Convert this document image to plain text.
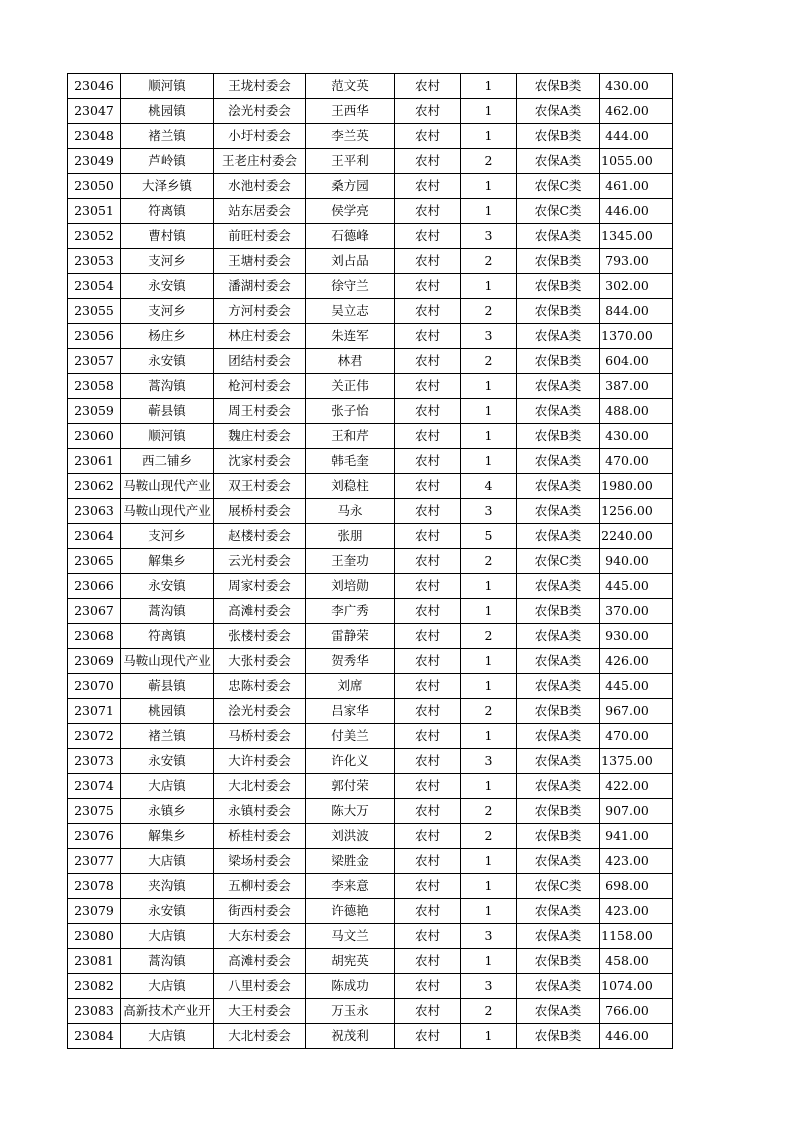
23046	顺河镇	王垅村委会	范文英	农村	1	农保B类	430.00
23047	桃园镇	浍光村委会	王西华	农村	1	农保A类	462.00
23048	褚兰镇	小圩村委会	李兰英	农村	1	农保B类	444.00
23049	芦岭镇	王老庄村委会	王平利	农村	2	农保A类	1055.00
23050	大泽乡镇	水池村委会	桑方园	农村	1	农保C类	461.00
23051	符离镇	站东居委会	侯学亮	农村	1	农保C类	446.00
23052	曹村镇	前旺村委会	石德峰	农村	3	农保A类	1345.00
23053	支河乡	王塘村委会	刘占品	农村	2	农保B类	793.00
23054	永安镇	潘湖村委会	徐守兰	农村	1	农保B类	302.00
23055	支河乡	方河村委会	吴立志	农村	2	农保B类	844.00
23056	杨庄乡	林庄村委会	朱连军	农村	3	农保A类	1370.00
23057	永安镇	团结村委会	林君	农村	2	农保B类	604.00
23058	蒿沟镇	枪河村委会	关正伟	农村	1	农保A类	387.00
23059	蕲县镇	周王村委会	张子怡	农村	1	农保A类	488.00
23060	顺河镇	魏庄村委会	王和芹	农村	1	农保B类	430.00
23061	西二铺乡	沈家村委会	韩毛奎	农村	1	农保A类	470.00
23062	马鞍山现代产业	双王村委会	刘稳柱	农村	4	农保A类	1980.00
23063	马鞍山现代产业	展桥村委会	马永	农村	3	农保A类	1256.00
23064	支河乡	赵楼村委会	张朋	农村	5	农保A类	2240.00
23065	解集乡	云光村委会	王奎功	农村	2	农保C类	940.00
23066	永安镇	周家村委会	刘培勋	农村	1	农保A类	445.00
23067	蒿沟镇	高滩村委会	李广秀	农村	1	农保B类	370.00
23068	符离镇	张楼村委会	雷静荣	农村	2	农保A类	930.00
23069	马鞍山现代产业	大张村委会	贺秀华	农村	1	农保A类	426.00
23070	蕲县镇	忠陈村委会	刘席	农村	1	农保A类	445.00
23071	桃园镇	浍光村委会	吕家华	农村	2	农保B类	967.00
23072	褚兰镇	马桥村委会	付美兰	农村	1	农保A类	470.00
23073	永安镇	大许村委会	许化义	农村	3	农保A类	1375.00
23074	大店镇	大北村委会	郭付荣	农村	1	农保A类	422.00
23075	永镇乡	永镇村委会	陈大万	农村	2	农保B类	907.00
23076	解集乡	桥桂村委会	刘洪波	农村	2	农保B类	941.00
23077	大店镇	梁场村委会	梁胜金	农村	1	农保A类	423.00
23078	夹沟镇	五柳村委会	李来意	农村	1	农保C类	698.00
23079	永安镇	街西村委会	许德艳	农村	1	农保A类	423.00
23080	大店镇	大东村委会	马文兰	农村	3	农保A类	1158.00
23081	蒿沟镇	高滩村委会	胡宪英	农村	1	农保B类	458.00
23082	大店镇	八里村委会	陈成功	农村	3	农保A类	1074.00
23083	高新技术产业开	大王村委会	万玉永	农村	2	农保A类	766.00
23084	大店镇	大北村委会	祝茂利	农村	1	农保B类	446.00
